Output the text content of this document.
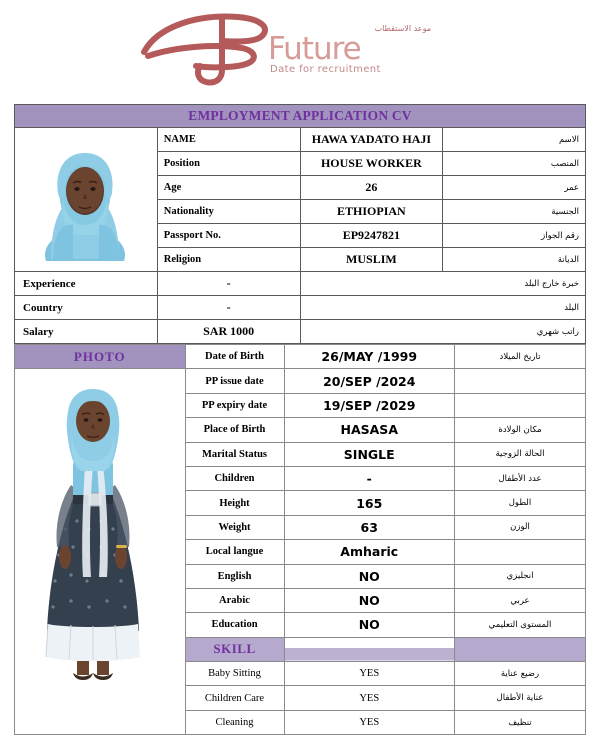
موعد الاستقطاب
Future
Date for recruitment
EMPLOYMENT APPLICATION CV			
	NAME	HAWA YADATO HAJI	الاسم
	Position	HOUSE WORKER	المنصب
	Age	26	عمر
	Nationality	ETHIOPIAN	الجنسية
	Passport No.	EP9247821	رقم الجواز
	Religion	MUSLIM	الديانة
Experience	-	خبرة خارج البلد	
Country	-	البلد	
Salary	SAR 1000	راتب شهري	
PHOTO	Date of Birth	26/MAY /1999	تاريخ الميلاد

	PP issue date	20/SEP /2024	
	PP expiry date	19/SEP /2029	
	Place of Birth	HASASA	مكان الولادة
	Marital Status	SINGLE	الحالة الزوجية
	Children	-	عدد الأطفال
	Height	165	الطول
	Weight	63	الوزن
	Local langue	Amharic	
	English	NO	انجليزي
	Arabic	NO	عربي
	Education	NO	المستوى التعليمي
	SKILL		
	Baby Sitting	YES	رضيع عناية
	Children Care	YES	عناية الأطفال
	Cleaning	YES	تنظيف
